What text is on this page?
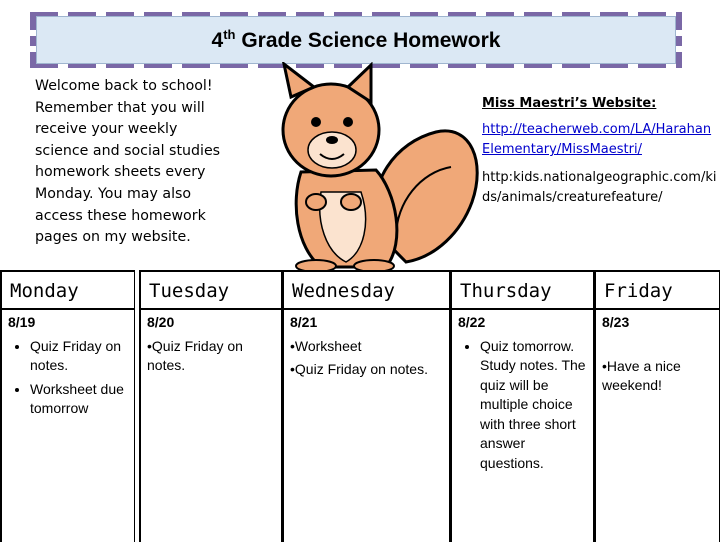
4th Grade Science Homework
Welcome back to school! Remember that you will receive your weekly science and social studies homework sheets every Monday. You may also access these homework pages on my website.
Miss Maestri’s Website:
http://teacherweb.com/LA/HarahanElementary/MissMaestri/
http:kids.nationalgeographic.com/kids/animals/creaturefeature/
Monday
8/19
• Quiz Friday on notes.
• Worksheet due tomorrow
Tuesday
8/20
•Quiz Friday on notes.
Wednesday
8/21
•Worksheet
•Quiz Friday on notes.
Thursday
8/22
• Quiz tomorrow. Study notes. The quiz will be multiple choice with three short answer questions.
Friday
8/23
•Have a nice weekend!
